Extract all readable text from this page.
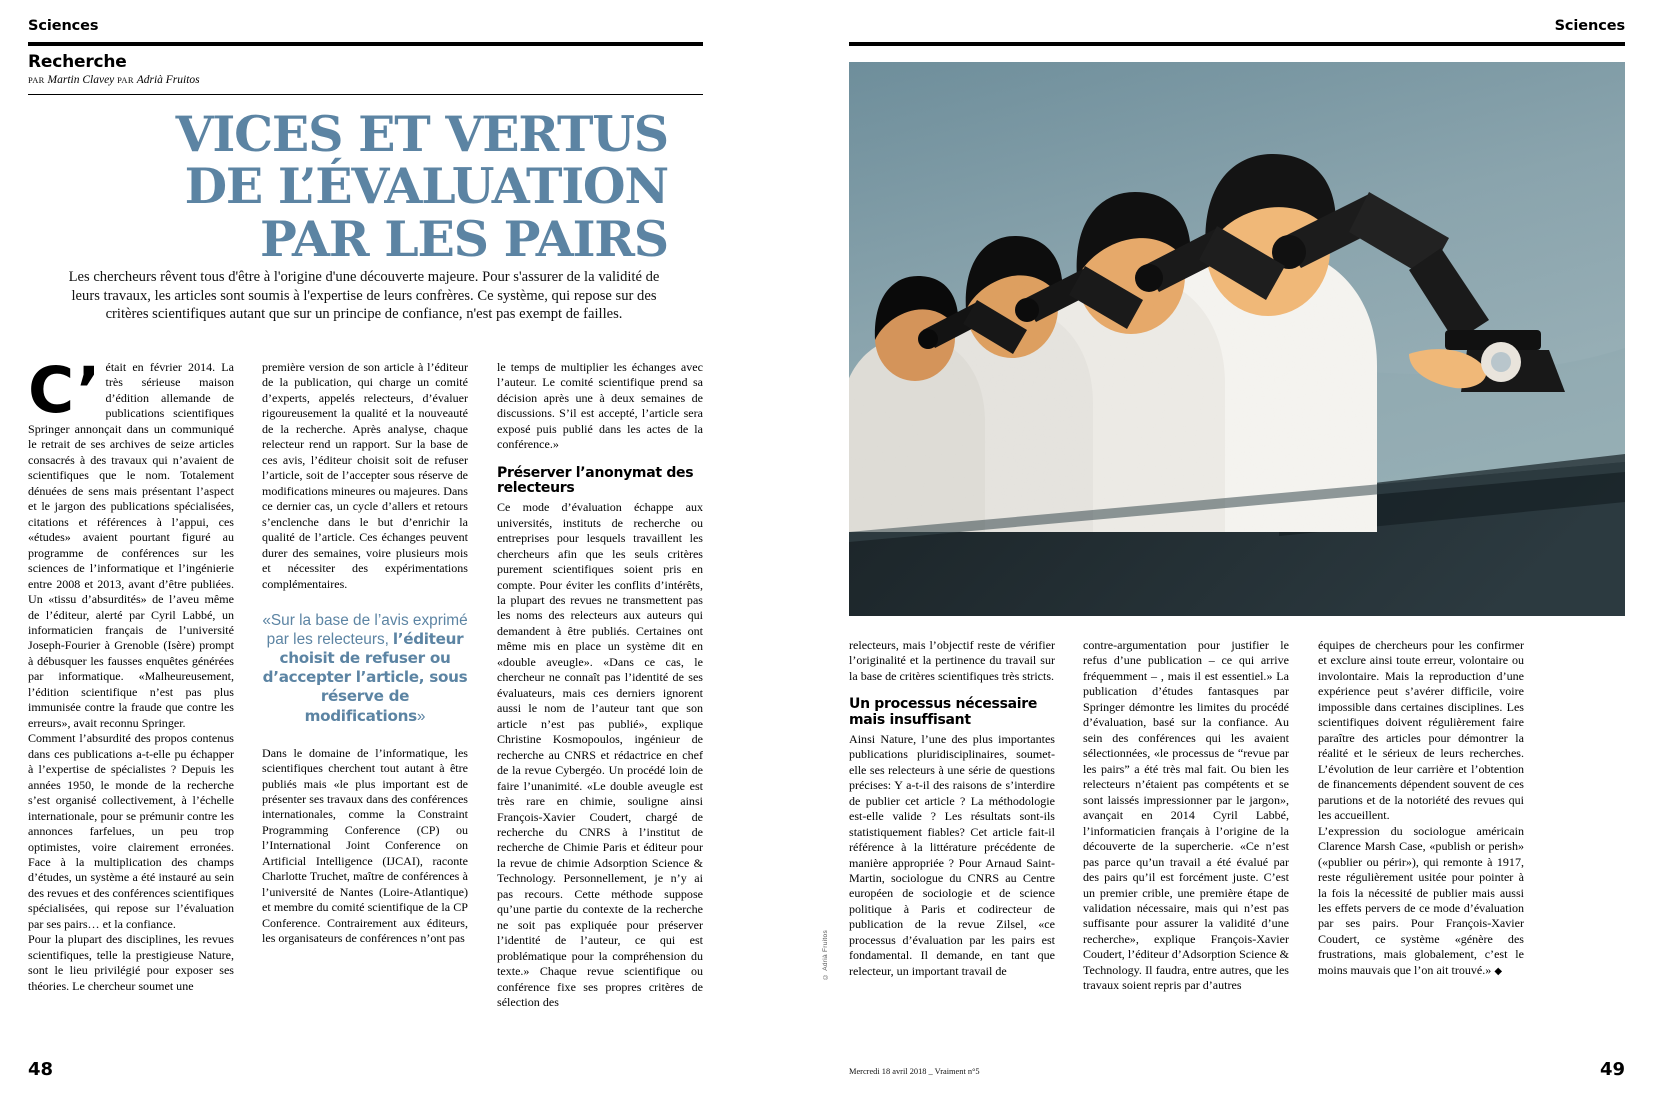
Sciences
Recherche
PAR Martin Clavey PAR Adrià Fruitos
VICES ET VERTUS
DE L’ÉVALUATION
PAR LES PAIRS
Les chercheurs rêvent tous d'être à l'origine d'une découverte majeure. Pour s'assurer de la validité de leurs travaux, les articles sont soumis à l'expertise de leurs confrères. Ce système, qui repose sur des critères scientifiques autant que sur un principe de confiance, n'est pas exempt de failles.

C’était en février 2014. La très sérieuse maison d’édition allemande de publications scientifiques Springer annonçait dans un communiqué le retrait de ses archives de seize articles consacrés à des travaux qui n’avaient de scientifiques que le nom. Totalement dénuées de sens mais présentant l’aspect et le jargon des publications spécialisées, citations et références à l’appui, ces «études» avaient pourtant figuré au programme de conférences sur les sciences de l’informatique et l’ingénierie entre 2008 et 2013, avant d’être publiées. Un «tissu d’absurdités» de l’aveu même de l’éditeur, alerté par Cyril Labbé, un informaticien français de l’université Joseph-Fourier à Grenoble (Isère) prompt à débusquer les fausses enquêtes générées par informatique. «Malheureusement, l’édition scientifique n’est pas plus immunisée contre la fraude que contre les erreurs», avait reconnu Springer.

Comment l’absurdité des propos contenus dans ces publications a-t-elle pu échapper à l’expertise de spécialistes ? Depuis les années 1950, le monde de la recherche s’est organisé collectivement, à l’échelle internationale, pour se prémunir contre les annonces farfelues, un peu trop optimistes, voire clairement erronées. Face à la multiplication des champs d’études, un système a été instauré au sein des revues et des conférences scientifiques spécialisées, qui repose sur l’évaluation par ses pairs… et la confiance.

Pour la plupart des disciplines, les revues scientifiques, telle la prestigieuse Nature, sont le lieu privilégié pour exposer ses théories. Le chercheur soumet une

première version de son article à l’éditeur de la publication, qui charge un comité d’experts, appelés relecteurs, d’évaluer rigoureusement la qualité et la nouveauté de la recherche. Après analyse, chaque relecteur rend un rapport. Sur la base de ces avis, l’éditeur choisit soit de refuser l’article, soit de l’accepter sous réserve de modifications mineures ou majeures. Dans ce dernier cas, un cycle d’allers et retours s’enclenche dans le but d’enrichir la qualité de l’article. Ces échanges peuvent durer des semaines, voire plusieurs mois et nécessiter des expérimentations complémentaires.

«Sur la base de l’avis exprimé par les relecteurs, l’éditeur choisit de refuser ou d’accepter l’article, sous réserve de modifications»

Dans le domaine de l’informatique, les scientifiques cherchent tout autant à être publiés mais «le plus important est de présenter ses travaux dans des conférences internationales, comme la Constraint Programming Conference (CP) ou l’International Joint Conference on Artificial Intelligence (IJCAI), raconte Charlotte Truchet, maître de conférences à l’université de Nantes (Loire-Atlantique) et membre du comité scientifique de la CP Conference. Contrairement aux éditeurs, les organisateurs de conférences n’ont pas

le temps de multiplier les échanges avec l’auteur. Le comité scientifique prend sa décision après une à deux semaines de discussions. S’il est accepté, l’article sera exposé puis publié dans les actes de la conférence.»

Préserver l’anonymat des relecteurs

Ce mode d’évaluation échappe aux universités, instituts de recherche ou entreprises pour lesquels travaillent les chercheurs afin que les seuls critères purement scientifiques soient pris en compte. Pour éviter les conflits d’intérêts, la plupart des revues ne transmettent pas les noms des relecteurs aux auteurs qui demandent à être publiés. Certaines ont même mis en place un système dit en «double aveugle». «Dans ce cas, le chercheur ne connaît pas l’identité de ses évaluateurs, mais ces derniers ignorent aussi le nom de l’auteur tant que son article n’est pas publié», explique Christine Kosmopoulos, ingénieur de recherche au CNRS et rédactrice en chef de la revue Cybergéo. Un procédé loin de faire l’unanimité. «Le double aveugle est très rare en chimie, souligne ainsi François-Xavier Coudert, chargé de recherche du CNRS à l’institut de recherche de Chimie Paris et éditeur pour la revue de chimie Adsorption Science & Technology. Personnellement, je n’y ai pas recours. Cette méthode suppose qu’une partie du contexte de la recherche ne soit pas expliquée pour préserver l’identité de l’auteur, ce qui est problématique pour la compréhension du texte.» Chaque revue scientifique ou conférence fixe ses propres critères de sélection des

48
Sciences
49
© Adrià Fruitos

relecteurs, mais l’objectif reste de vérifier l’originalité et la pertinence du travail sur la base de critères scientifiques très stricts.

Un processus nécessaire mais insuffisant

Ainsi Nature, l’une des plus importantes publications pluridisciplinaires, soumet-elle ses relecteurs à une série de questions précises: Y a-t-il des raisons de s’interdire de publier cet article ? La méthodologie est-elle valide ? Les résultats sont-ils statistiquement fiables? Cet article fait-il référence à la littérature précédente de manière appropriée ? Pour Arnaud Saint-Martin, sociologue du CNRS au Centre européen de sociologie et de science politique à Paris et codirecteur de publication de la revue Zilsel, «ce processus d’évaluation par les pairs est fondamental. Il demande, en tant que relecteur, un important travail de

contre-argumentation pour justifier le refus d’une publication – ce qui arrive fréquemment – , mais il est essentiel.» La publication d’études fantasques par Springer démontre les limites du procédé d’évaluation, basé sur la confiance. Au sein des conférences qui les avaient sélectionnées, «le processus de “revue par les pairs” a été très mal fait. Ou bien les relecteurs n’étaient pas compétents et se sont laissés impressionner par le jargon», avançait en 2014 Cyril Labbé, l’informaticien français à l’origine de la découverte de la supercherie. «Ce n’est pas parce qu’un travail a été évalué par des pairs qu’il est forcément juste. C’est un premier crible, une première étape de validation nécessaire, mais qui n’est pas suffisante pour assurer la validité d’une recherche», explique François-Xavier Coudert, l’éditeur d’Adsorption Science & Technology. Il faudra, entre autres, que les travaux soient repris par d’autres

équipes de chercheurs pour les confirmer et exclure ainsi toute erreur, volontaire ou involontaire. Mais la reproduction d’une expérience peut s’avérer difficile, voire impossible dans certaines disciplines. Les scientifiques doivent régulièrement faire paraître des articles pour démontrer la réalité et le sérieux de leurs recherches. L’évolution de leur carrière et l’obtention de financements dépendent souvent de ces parutions et de la notoriété des revues qui les accueillent.

L’expression du sociologue américain Clarence Marsh Case, «publish or perish» («publier ou périr»), qui remonte à 1917, reste régulièrement usitée pour pointer à la fois la nécessité de publier mais aussi les effets pervers de ce mode d’évaluation par ses pairs. Pour François-Xavier Coudert, ce système «génère des frustrations, mais globalement, c’est le moins mauvais que l’on ait trouvé.» ◆

Mercredi 18 avril 2018 _ Vraiment n°5
